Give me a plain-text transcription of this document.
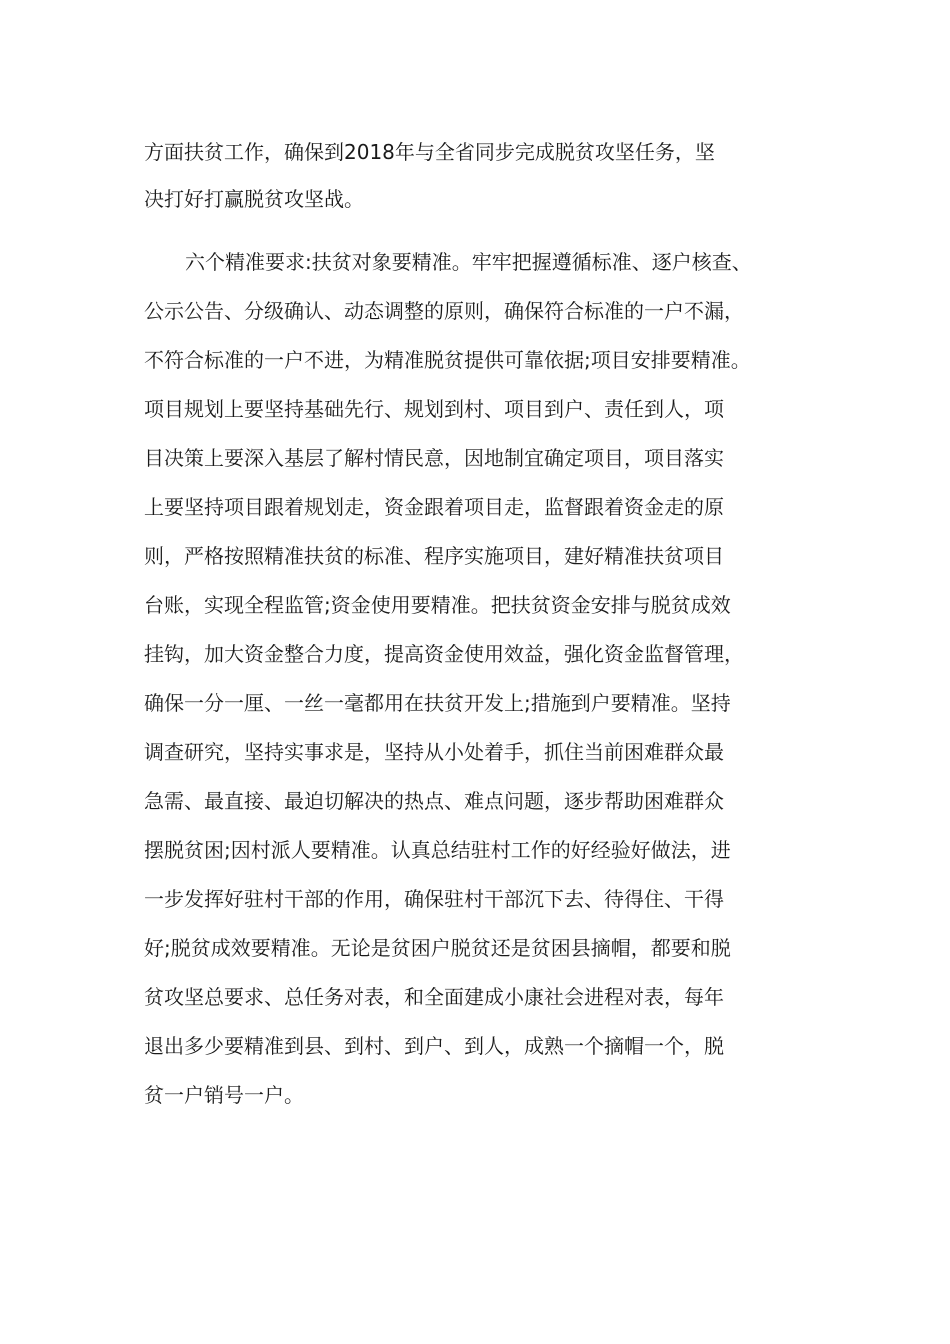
方面扶贫工作，确保到2018年与全省同步完成脱贫攻坚任务，坚

决打好打赢脱贫攻坚战。

六个精准要求:扶贫对象要精准。牢牢把握遵循标准、逐户核查、

公示公告、分级确认、动态调整的原则，确保符合标准的一户不漏，

不符合标准的一户不进，为精准脱贫提供可靠依据;项目安排要精准。

项目规划上要坚持基础先行、规划到村、项目到户、责任到人，项

目决策上要深入基层了解村情民意，因地制宜确定项目，项目落实

上要坚持项目跟着规划走，资金跟着项目走，监督跟着资金走的原

则，严格按照精准扶贫的标准、程序实施项目，建好精准扶贫项目

台账，实现全程监管;资金使用要精准。把扶贫资金安排与脱贫成效

挂钩，加大资金整合力度，提高资金使用效益，强化资金监督管理，

确保一分一厘、一丝一毫都用在扶贫开发上;措施到户要精准。坚持

调查研究，坚持实事求是，坚持从小处着手，抓住当前困难群众最

急需、最直接、最迫切解决的热点、难点问题，逐步帮助困难群众

摆脱贫困;因村派人要精准。认真总结驻村工作的好经验好做法，进

一步发挥好驻村干部的作用，确保驻村干部沉下去、待得住、干得

好;脱贫成效要精准。无论是贫困户脱贫还是贫困县摘帽，都要和脱

贫攻坚总要求、总任务对表，和全面建成小康社会进程对表，每年

退出多少要精准到县、到村、到户、到人，成熟一个摘帽一个，脱

贫一户销号一户。
